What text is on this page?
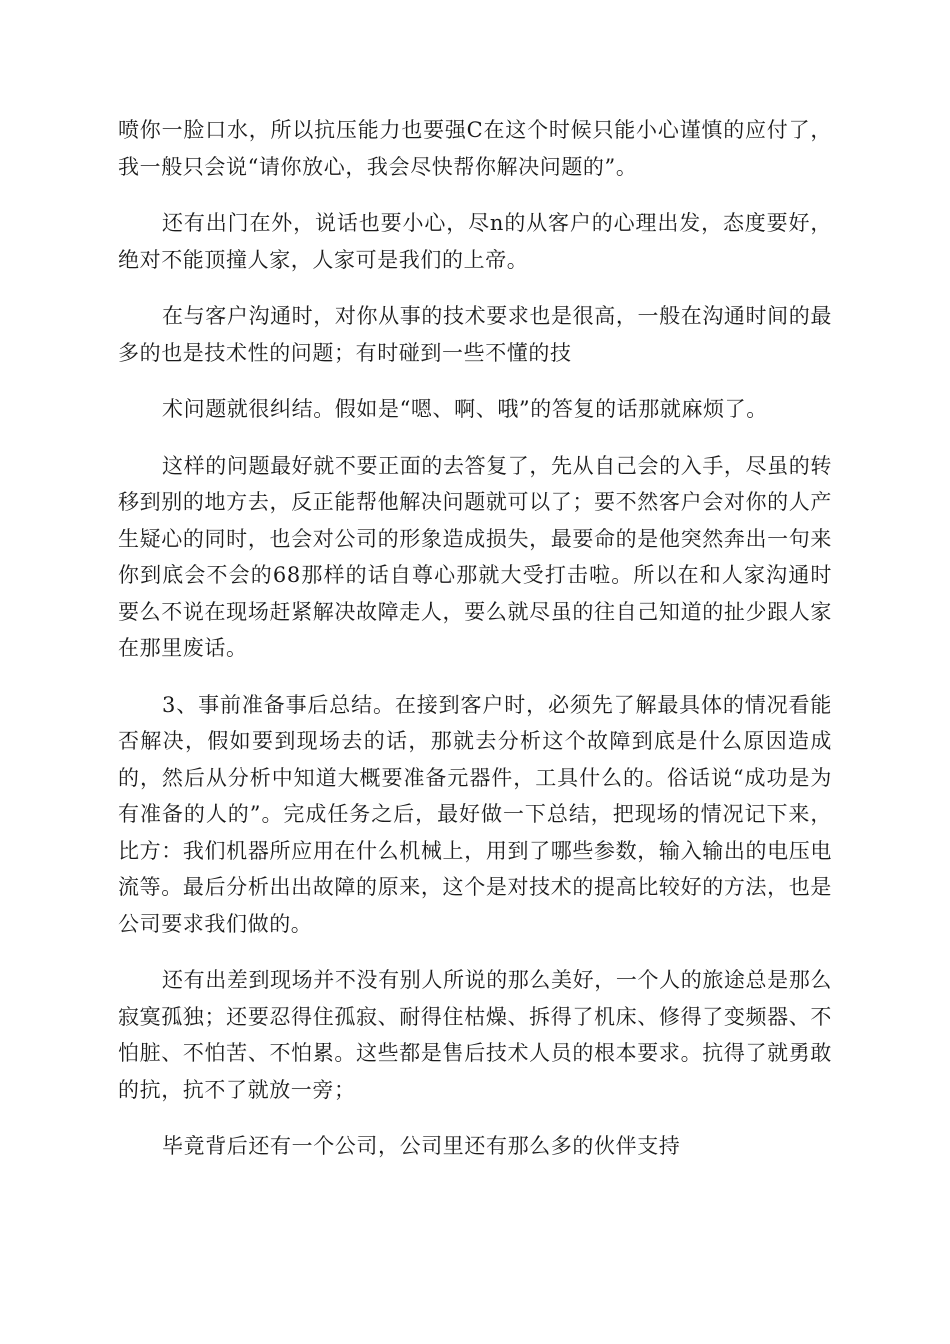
喷你一脸口水，所以抗压能力也要强C在这个时候只能小心谨慎的应付了，我一般只会说“请你放心，我会尽快帮你解决问题的”。

还有出门在外，说话也要小心，尽n的从客户的心理出发，态度要好，绝对不能顶撞人家，人家可是我们的上帝。

在与客户沟通时，对你从事的技术要求也是很高，一般在沟通时间的最多的也是技术性的问题；有时碰到一些不懂的技

术问题就很纠结。假如是“嗯、啊、哦”的答复的话那就麻烦了。

这样的问题最好就不要正面的去答复了，先从自己会的入手，尽虽的转移到别的地方去，反正能帮他解决问题就可以了；要不然客户会对你的人产生疑心的同时，也会对公司的形象造成损失，最要命的是他突然奔出一句来你到底会不会的68那样的话自尊心那就大受打击啦。所以在和人家沟通时要么不说在现场赶紧解决故障走人，要么就尽虽的往自己知道的扯少跟人家在那里废话。

3、事前准备事后总结。在接到客户时，必须先了解最具体的情况看能否解决，假如要到现场去的话，那就去分析这个故障到底是什么原因造成的，然后从分析中知道大概要准备元器件，工具什么的。俗话说“成功是为有准备的人的”。完成任务之后，最好做一下总结，把现场的情况记下来，比方：我们机器所应用在什么机械上，用到了哪些参数，输入输出的电压电流等。最后分析出出故障的原来，这个是对技术的提高比较好的方法，也是公司要求我们做的。

还有出差到现场并不没有别人所说的那么美好，一个人的旅途总是那么寂寞孤独；还要忍得住孤寂、耐得住枯燥、拆得了机床、修得了变频器、不怕脏、不怕苦、不怕累。这些都是售后技术人员的根本要求。抗得了就勇敢的抗，抗不了就放一旁；

毕竟背后还有一个公司，公司里还有那么多的伙伴支持
